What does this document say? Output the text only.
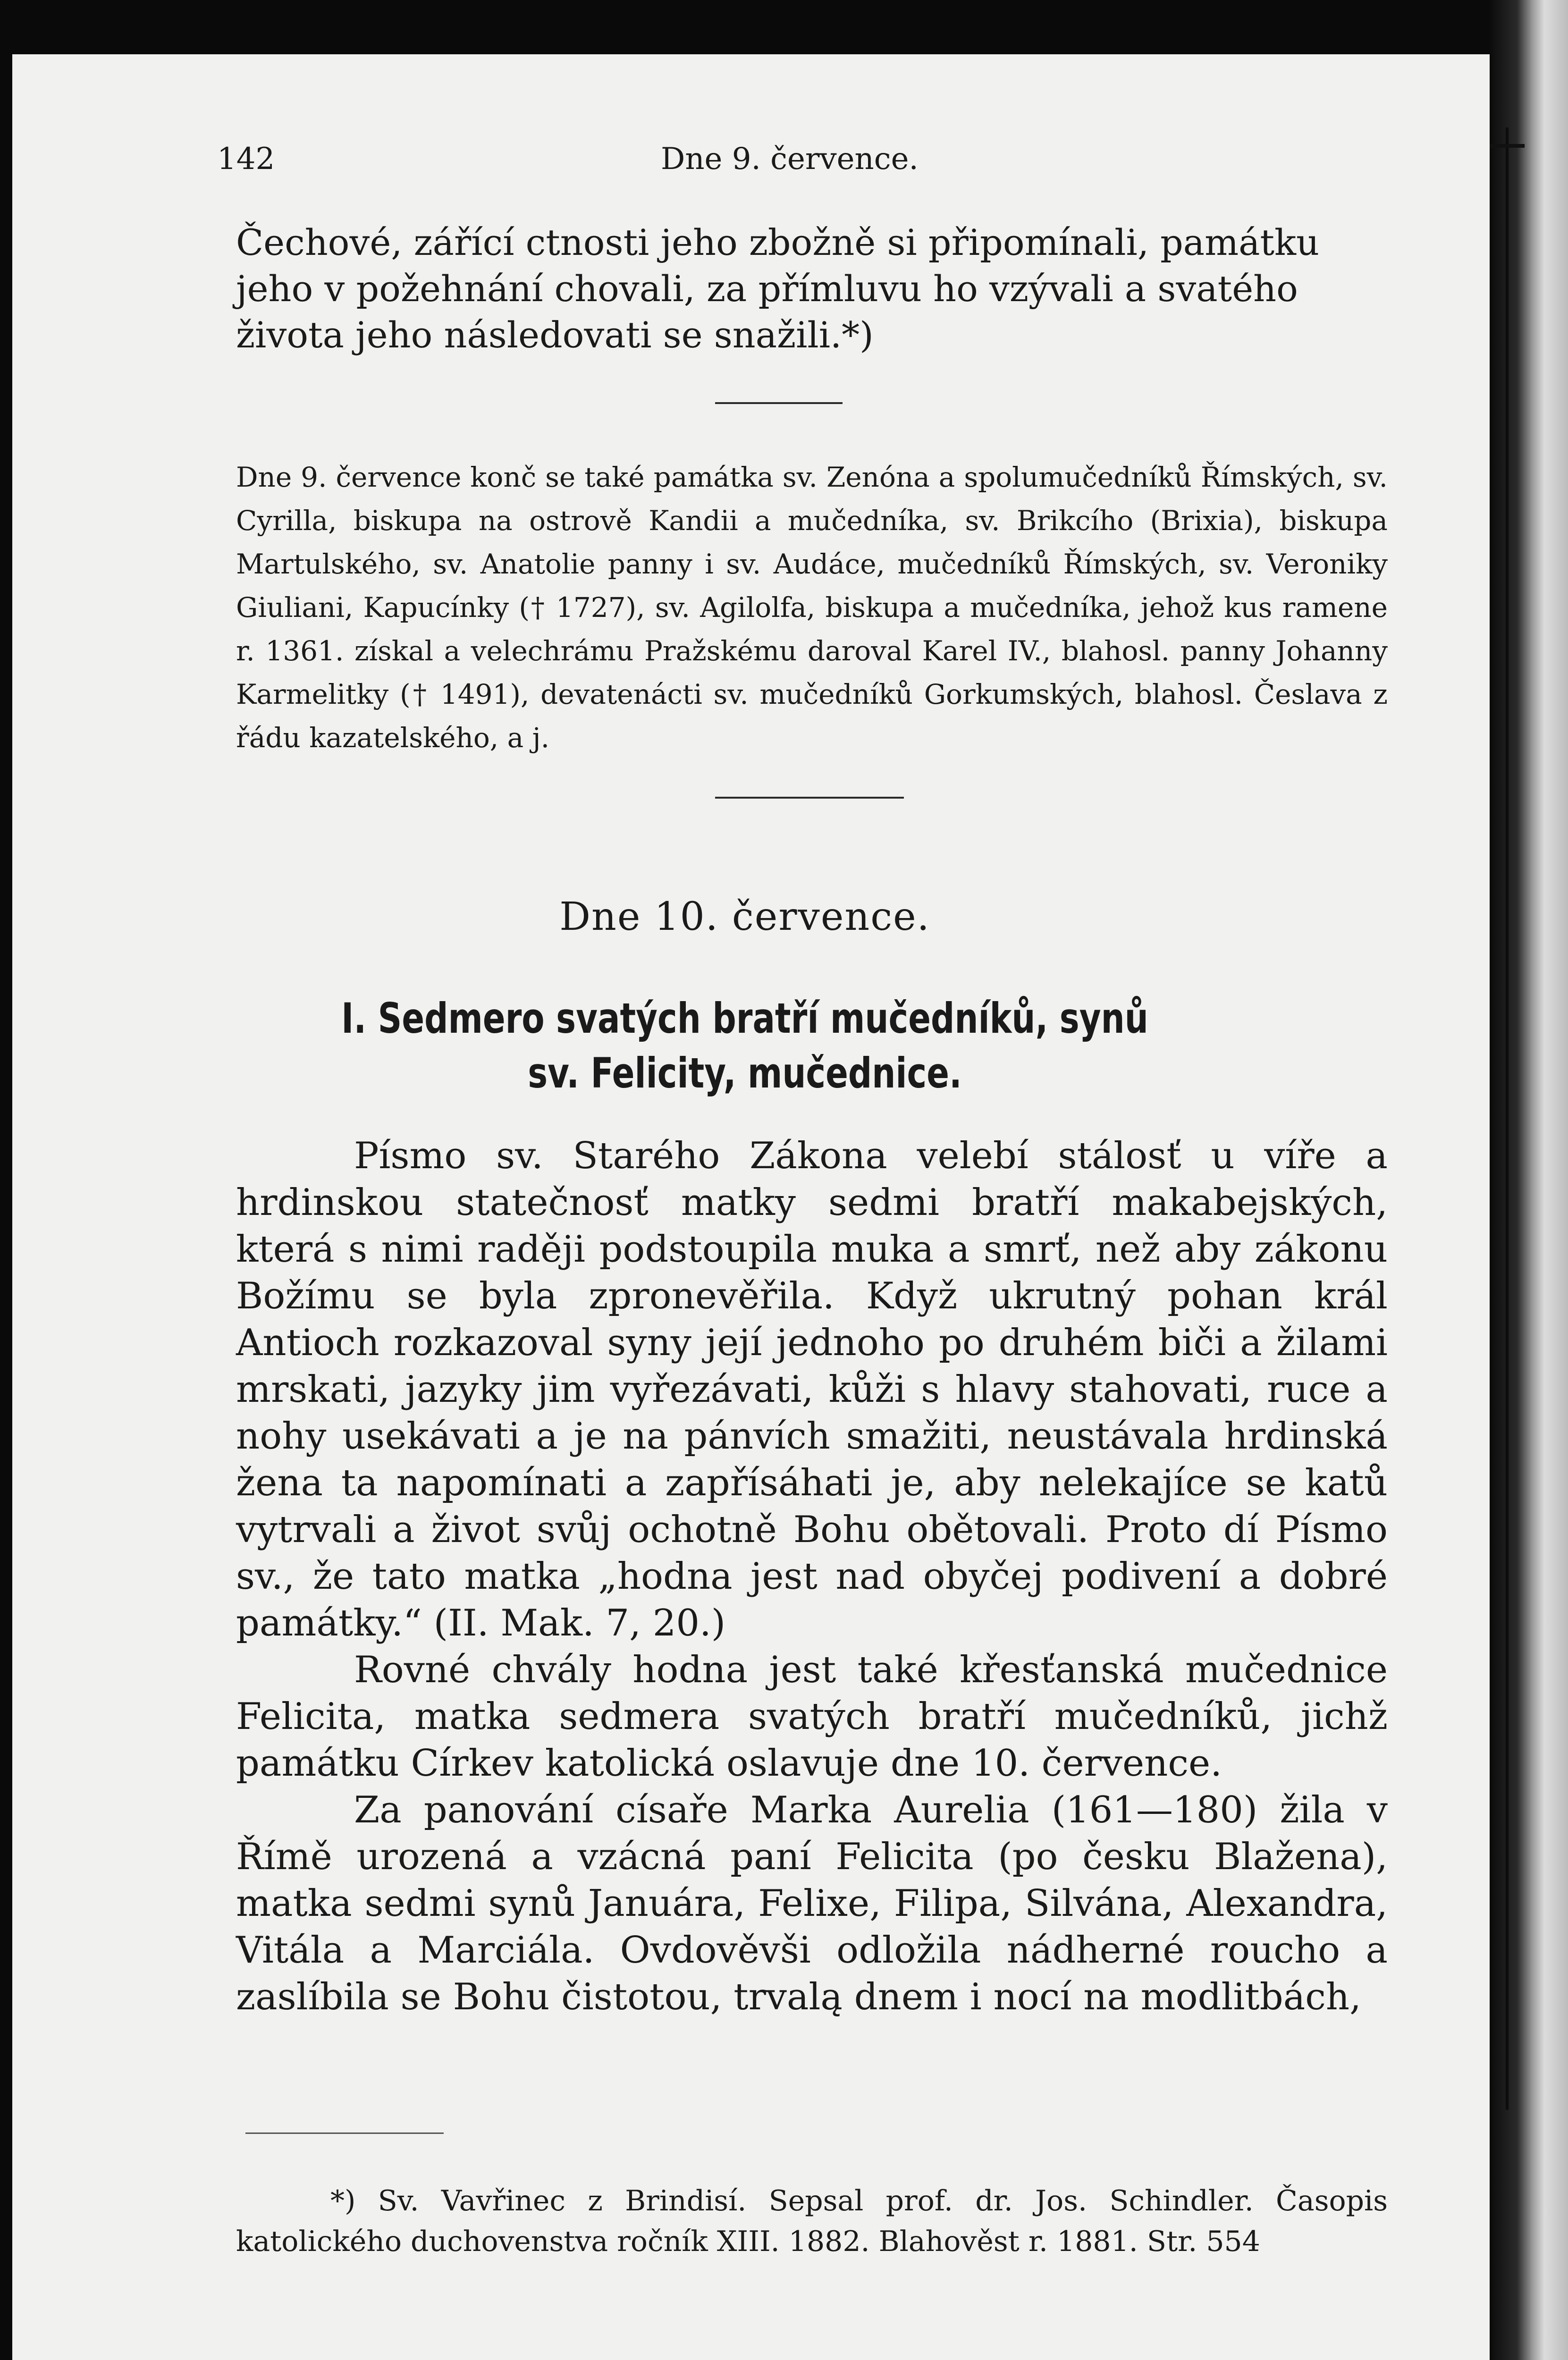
142	Dne 9. července.

Čechové, zářící ctnosti jeho zbožně si připomínali, památku jeho v požehnání chovali, za přímluvu ho vzývali a svatého života jeho následovati se snažili.*)

Dne 9. července konč se také památka sv. Zenóna a spolumučedníků Římských, sv. Cyrilla, biskupa na ostrově Kandii a mučedníka, sv. Brikcího (Brixia), biskupa Martulského, sv. Anatolie panny i sv. Audáce, mučedníků Římských, sv. Veroniky Giuliani, Kapucínky († 1727), sv. Agilolfa, biskupa a mučedníka, jehož kus ramene r. 1361. získal a velechrámu Pražskému daroval Karel IV., blahosl. panny Johanny Karmelitky († 1491), devatenácti sv. mučedníků Gorkumských, blahosl. Česlava z řádu kazatelského, a j.

Dne 10. července.
I. Sedmero svatých bratří mučedníků, synů
sv. Felicity, mučednice.

Písmo sv. Starého Zákona velebí stálosť u víře a hrdinskou statečnosť matky sedmi bratří makabejských, která s nimi raději podstoupila muka a smrť, než aby zákonu Božímu se byla zpronevěřila. Když ukrutný pohan král Antioch rozkazoval syny její jednoho po druhém biči a žilami mrskati, jazyky jim vyřezávati, kůži s hlavy stahovati, ruce a nohy usekávati a je na pánvích smažiti, neustávala hrdinská žena ta napomínati a zapřísáhati je, aby nelekajíce se katů vytrvali a život svůj ochotně Bohu obětovali. Proto dí Písmo sv., že tato matka „hodna jest nad obyčej podivení a dobré památky.“ (II. Mak. 7, 20.)

Rovné chvály hodna jest také křesťanská mučednice Felicita, matka sedmera svatých bratří mučedníků, jichž památku Církev katolická oslavuje dne 10. července.

Za panování císaře Marka Aurelia (161—180) žila v Římě urozená a vzácná paní Felicita (po česku Blažena), matka sedmi synů Januára, Felixe, Filipa, Silvána, Alexandra, Vitála a Marciála. Ovdověvši odložila nádherné roucho a zaslíbila se Bohu čistotou, trvalą dnem i nocí na modlitbách,

*) Sv. Vavřinec z Brindisí. Sepsal prof. dr. Jos. Schindler. Časopis katolického duchovenstva ročník XIII. 1882. Blahověst r. 1881. Str. 554
